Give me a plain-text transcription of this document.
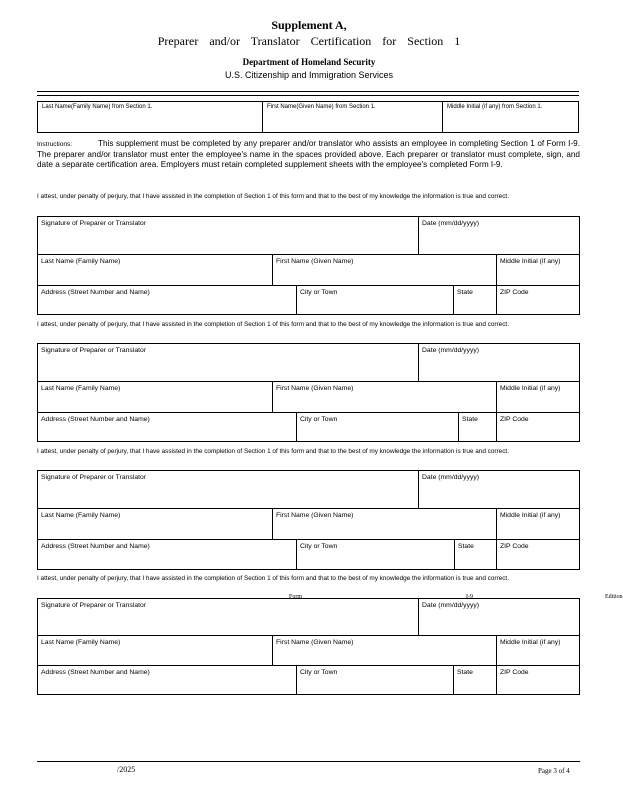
Supplement A,
Preparer and/or Translator Certification for Section 1
Department of Homeland Security
U.S. Citizenship and Immigration Services
Last Name(Family Name) from Section 1.	First Name(Given Name) from Section 1.	Middle Initial (if any) from Section 1.
Instructions:	This supplement must be completed by any preparer and/or translator who assists an employee in completing Section 1 of Form I-9. The preparer and/or translator must enter the employee's name in the spaces provided above. Each preparer or translator must complete, sign, and date a separate certification area. Employers must retain completed supplement sheets with the employee's completed Form I-9.
I attest, under penalty of perjury, that I have assisted in the completion of Section 1 of this form and that to the best of my knowledge the information is true and correct.
Signature of Preparer or Translator	Date (mm/dd/yyyy)
Last Name (Family Name)	First Name (Given Name)	Middle Initial (if any)
Address (Street Number and Name)	City or Town	State	ZIP Code
I attest, under penalty of perjury, that I have assisted in the completion of Section 1 of this form and that to the best of my knowledge the information is true and correct.
Signature of Preparer or Translator	Date (mm/dd/yyyy)
Last Name (Family Name)	First Name (Given Name)	Middle Initial (if any)
Address (Street Number and Name)	City or Town	State	ZIP Code
I attest, under penalty of perjury, that I have assisted in the completion of Section 1 of this form and that to the best of my knowledge the information is true and correct.
Signature of Preparer or Translator	Date (mm/dd/yyyy)
Last Name (Family Name)	First Name (Given Name)	Middle Initial (if any)
Address (Street Number and Name)	City or Town	State	ZIP Code
I attest, under penalty of perjury, that I have assisted in the completion of Section 1 of this form and that to the best of my knowledge the information is true and correct.
Form	I-9	Edition
Signature of Preparer or Translator	Date (mm/dd/yyyy)
Last Name (Family Name)	First Name (Given Name)	Middle Initial (if any)
Address (Street Number and Name)	City or Town	State	ZIP Code
/2025	Page 3 of 4
